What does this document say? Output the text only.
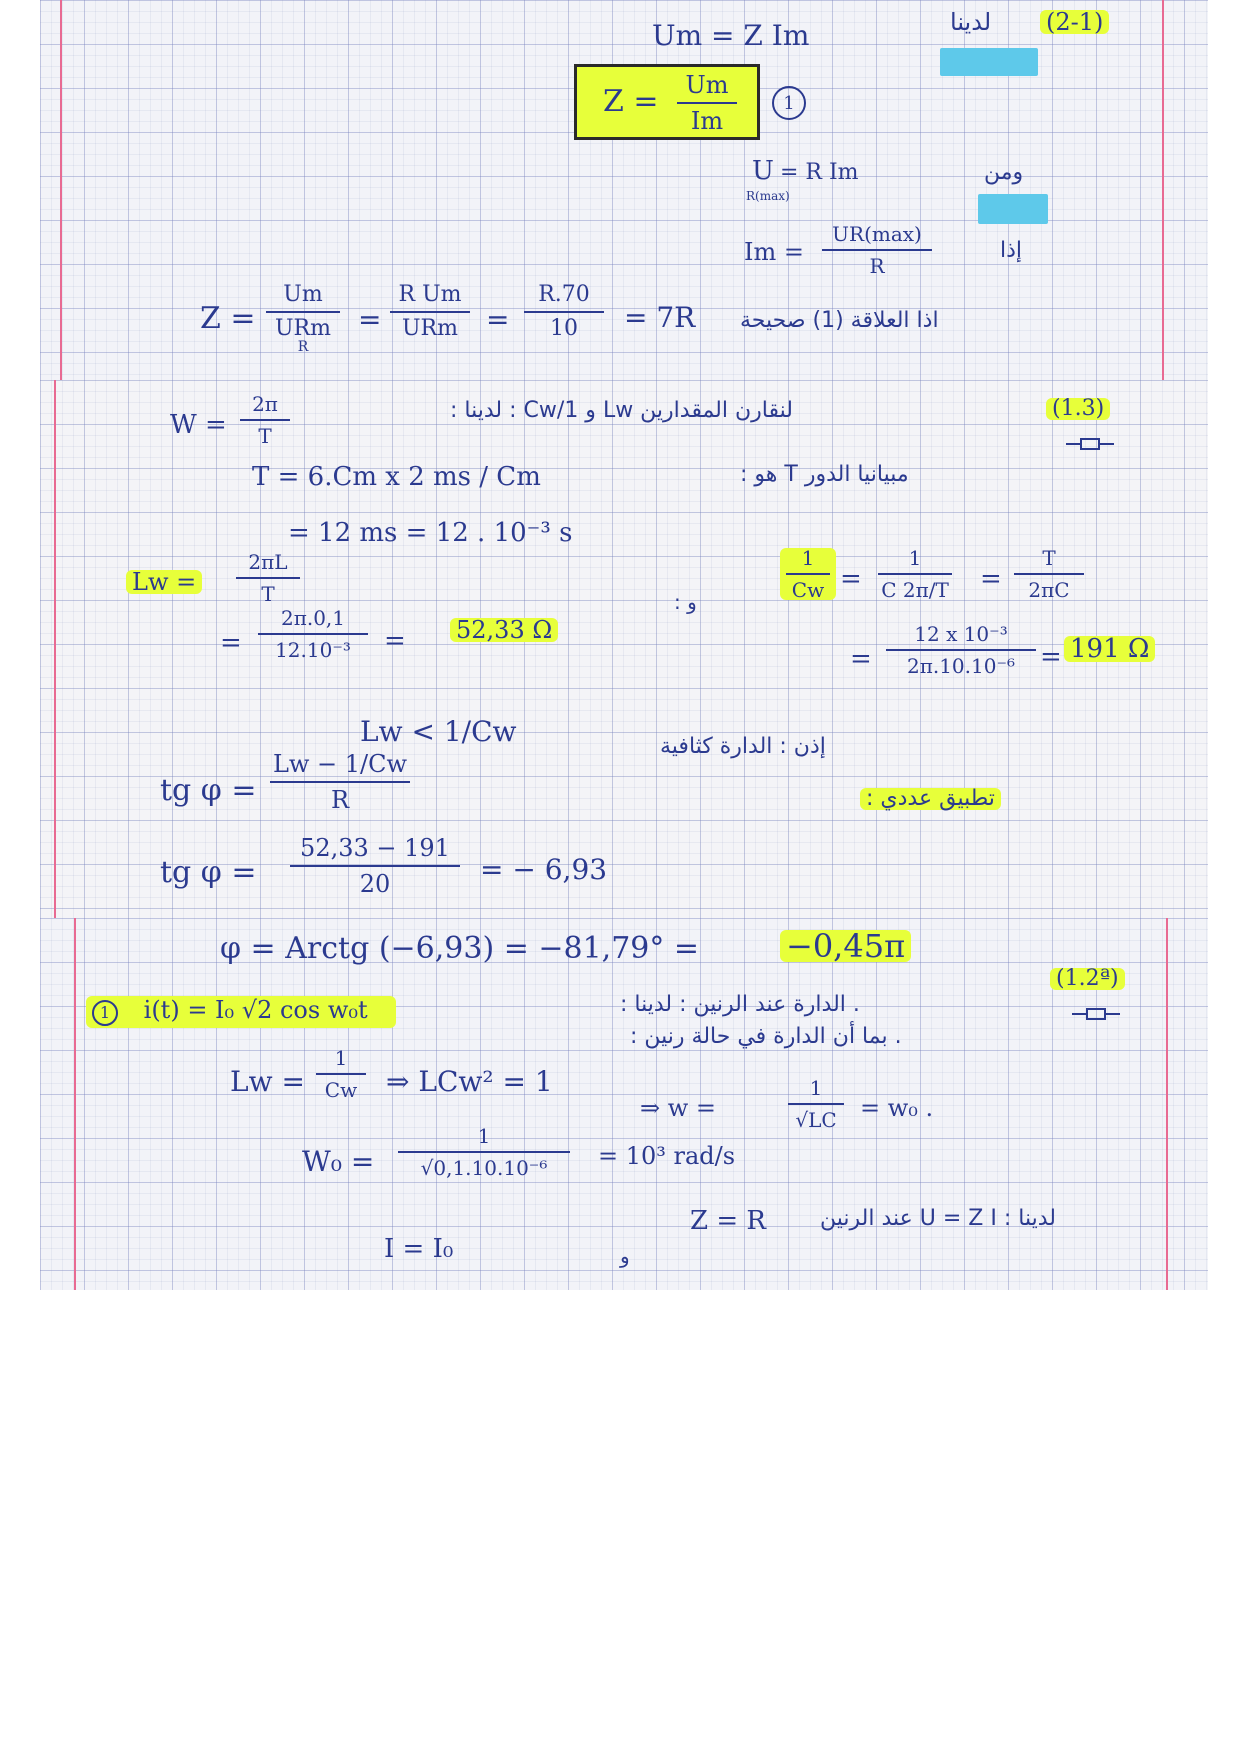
Um = Z Im	لدينا (2-1)
Z = Um
Im
1
U
R(max)
= R Im	ومن
Im =
UR(max)
R
إذا
Z =
Um
URm
R
=
R Um
URm =
R.70
10 = 7R اذا العلاقة (1) صحيحة
W =
2π
T
لنقارن المقدارين Lw و 1/Cw : لدينا :	(1.3)
T = 6.Cm x 2 ms / Cm	مبيانيا الدور T هو :
= 12 ms = 12 . 10⁻³ s
Lw =
2πL
T
=
2π.0,1
12.10⁻³ = 52,33 Ω
و :
1
Cw =
1
C 2π/T =
T
2πC
=
12 x 10⁻³
2π.10.10⁻⁶ = 191 Ω
Lw < 1/Cw	إذن : الدارة كثافية
tg φ =
Lw − 1/Cw
R	تطبيق عددي :
tg φ =
52,33 − 191
20	= − 6,93
φ = Arctg (−6,93) = −81,79° =	−0,45π
(1.2ª)
1 i(t) = I₀ √2 cos w₀t	. الدارة عند الرنين : لدينا :
. بما أن الدارة في حالة رنين :
Lw =
1
Cw ⇒ LCw² = 1
⇒ w =
1
√LC = w₀ .
W₀ =
1
√0,1.10.10⁻⁶ = 10³ rad/s
Z = R لدينا : U = Z I عند الرنين
I = I₀	و
